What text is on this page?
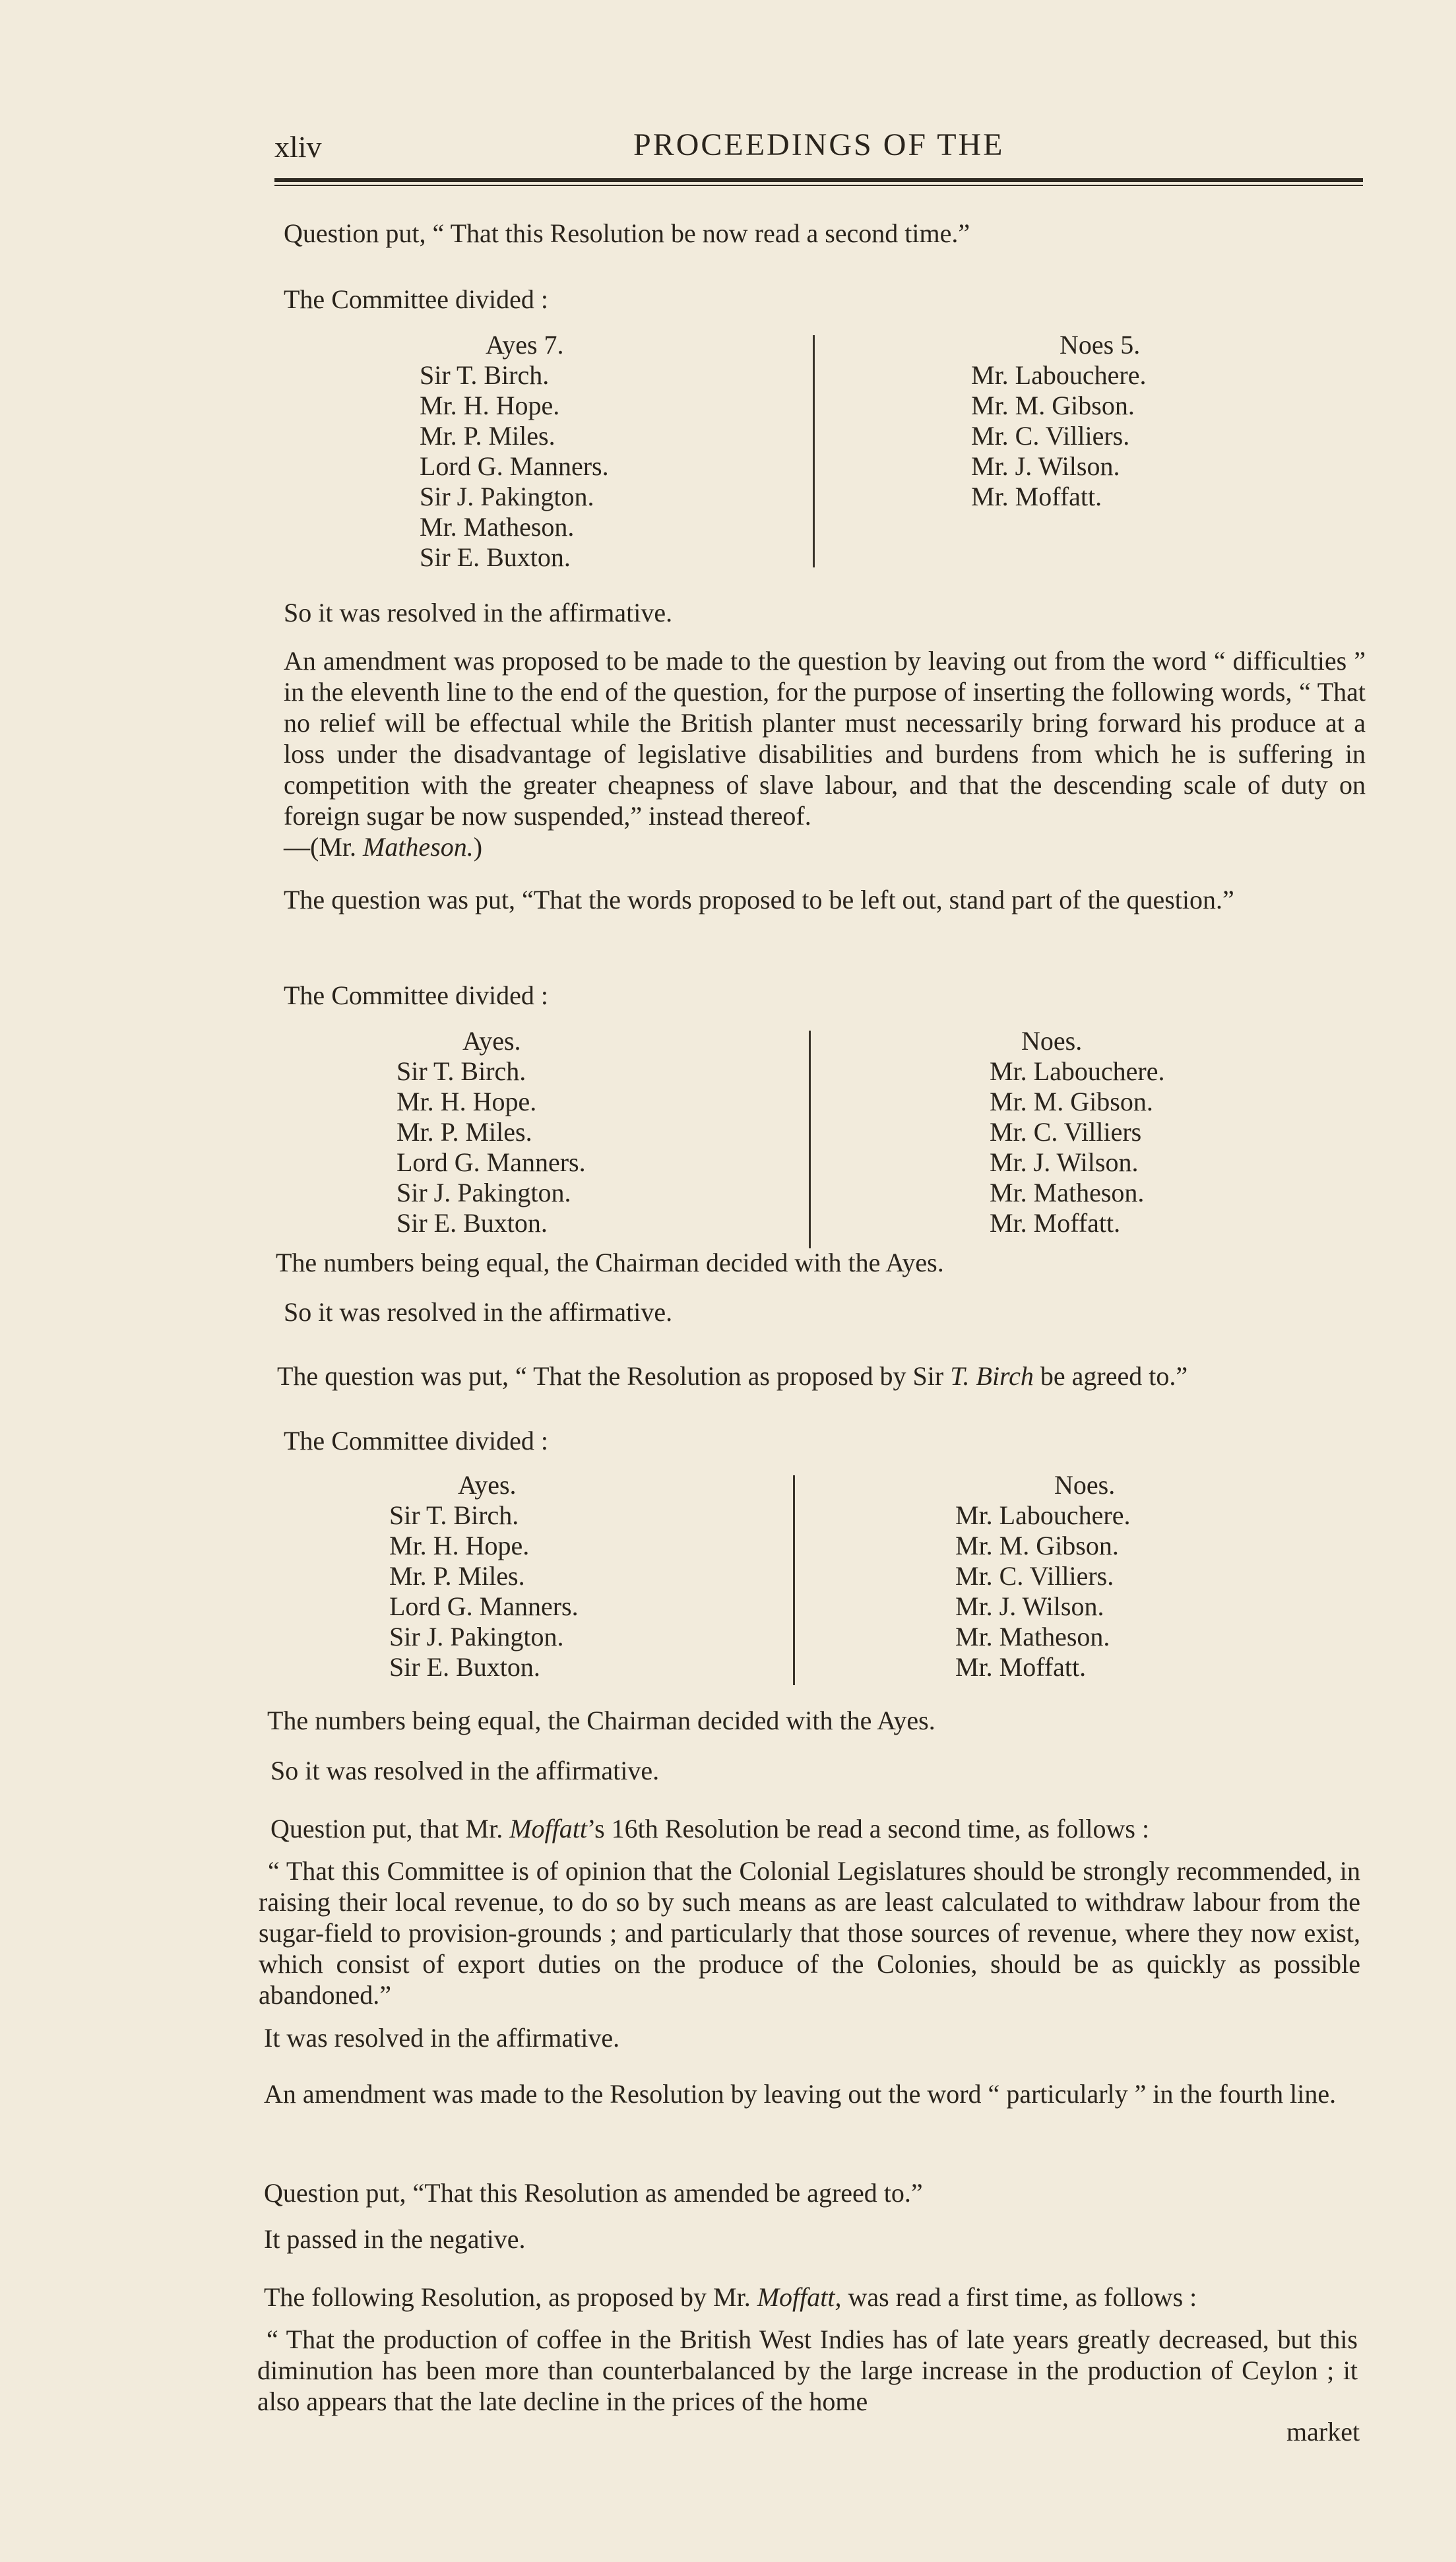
xliv	PROCEEDINGS OF THE
Question put, “ That this Resolution be now read a second time.”
The Committee divided :
Ayes 7.
Sir T. Birch.
Mr. H. Hope.
Mr. P. Miles.
Lord G. Manners.
Sir J. Pakington.
Mr. Matheson.
Sir E. Buxton.
Noes 5.
Mr. Labouchere.
Mr. M. Gibson.
Mr. C. Villiers.
Mr. J. Wilson.
Mr. Moffatt.
So it was resolved in the affirmative.
An amendment was proposed to be made to the question by leaving out from the word “ difficulties ” in the eleventh line to the end of the question, for the purpose of inserting the following words, “ That no relief will be effectual while the British planter must necessarily bring forward his produce at a loss under the disadvantage of legislative disabilities and burdens from which he is suffering in competition with the greater cheapness of slave labour, and that the descending scale of duty on foreign sugar be now suspended,” instead thereof.
—(Mr. Matheson.)
The question was put, “That the words proposed to be left out, stand part of the question.”
The Committee divided :
Ayes.
Sir T. Birch.
Mr. H. Hope.
Mr. P. Miles.
Lord G. Manners.
Sir J. Pakington.
Sir E. Buxton.
Noes.
Mr. Labouchere.
Mr. M. Gibson.
Mr. C. Villiers
Mr. J. Wilson.
Mr. Matheson.
Mr. Moffatt.
The numbers being equal, the Chairman decided with the Ayes.
So it was resolved in the affirmative.
The question was put, “ That the Resolution as proposed by Sir T. Birch be agreed to.”
The Committee divided :
Ayes.
Sir T. Birch.
Mr. H. Hope.
Mr. P. Miles.
Lord G. Manners.
Sir J. Pakington.
Sir E. Buxton.
Noes.
Mr. Labouchere.
Mr. M. Gibson.
Mr. C. Villiers.
Mr. J. Wilson.
Mr. Matheson.
Mr. Moffatt.
The numbers being equal, the Chairman decided with the Ayes.
So it was resolved in the affirmative.
Question put, that Mr. Moffatt’s 16th Resolution be read a second time, as follows :
“ That this Committee is of opinion that the Colonial Legislatures should be strongly recommended, in raising their local revenue, to do so by such means as are least calculated to withdraw labour from the sugar-field to provision-grounds ; and particularly that those sources of revenue, where they now exist, which consist of export duties on the produce of the Colonies, should be as quickly as possible abandoned.”
It was resolved in the affirmative.
An amendment was made to the Resolution by leaving out the word “ particularly ” in the fourth line.
Question put, “That this Resolution as amended be agreed to.”
It passed in the negative.
The following Resolution, as proposed by Mr. Moffatt, was read a first time, as follows :
“ That the production of coffee in the British West Indies has of late years greatly decreased, but this diminution has been more than counterbalanced by the large increase in the production of Ceylon ; it also appears that the late decline in the prices of the home
market
